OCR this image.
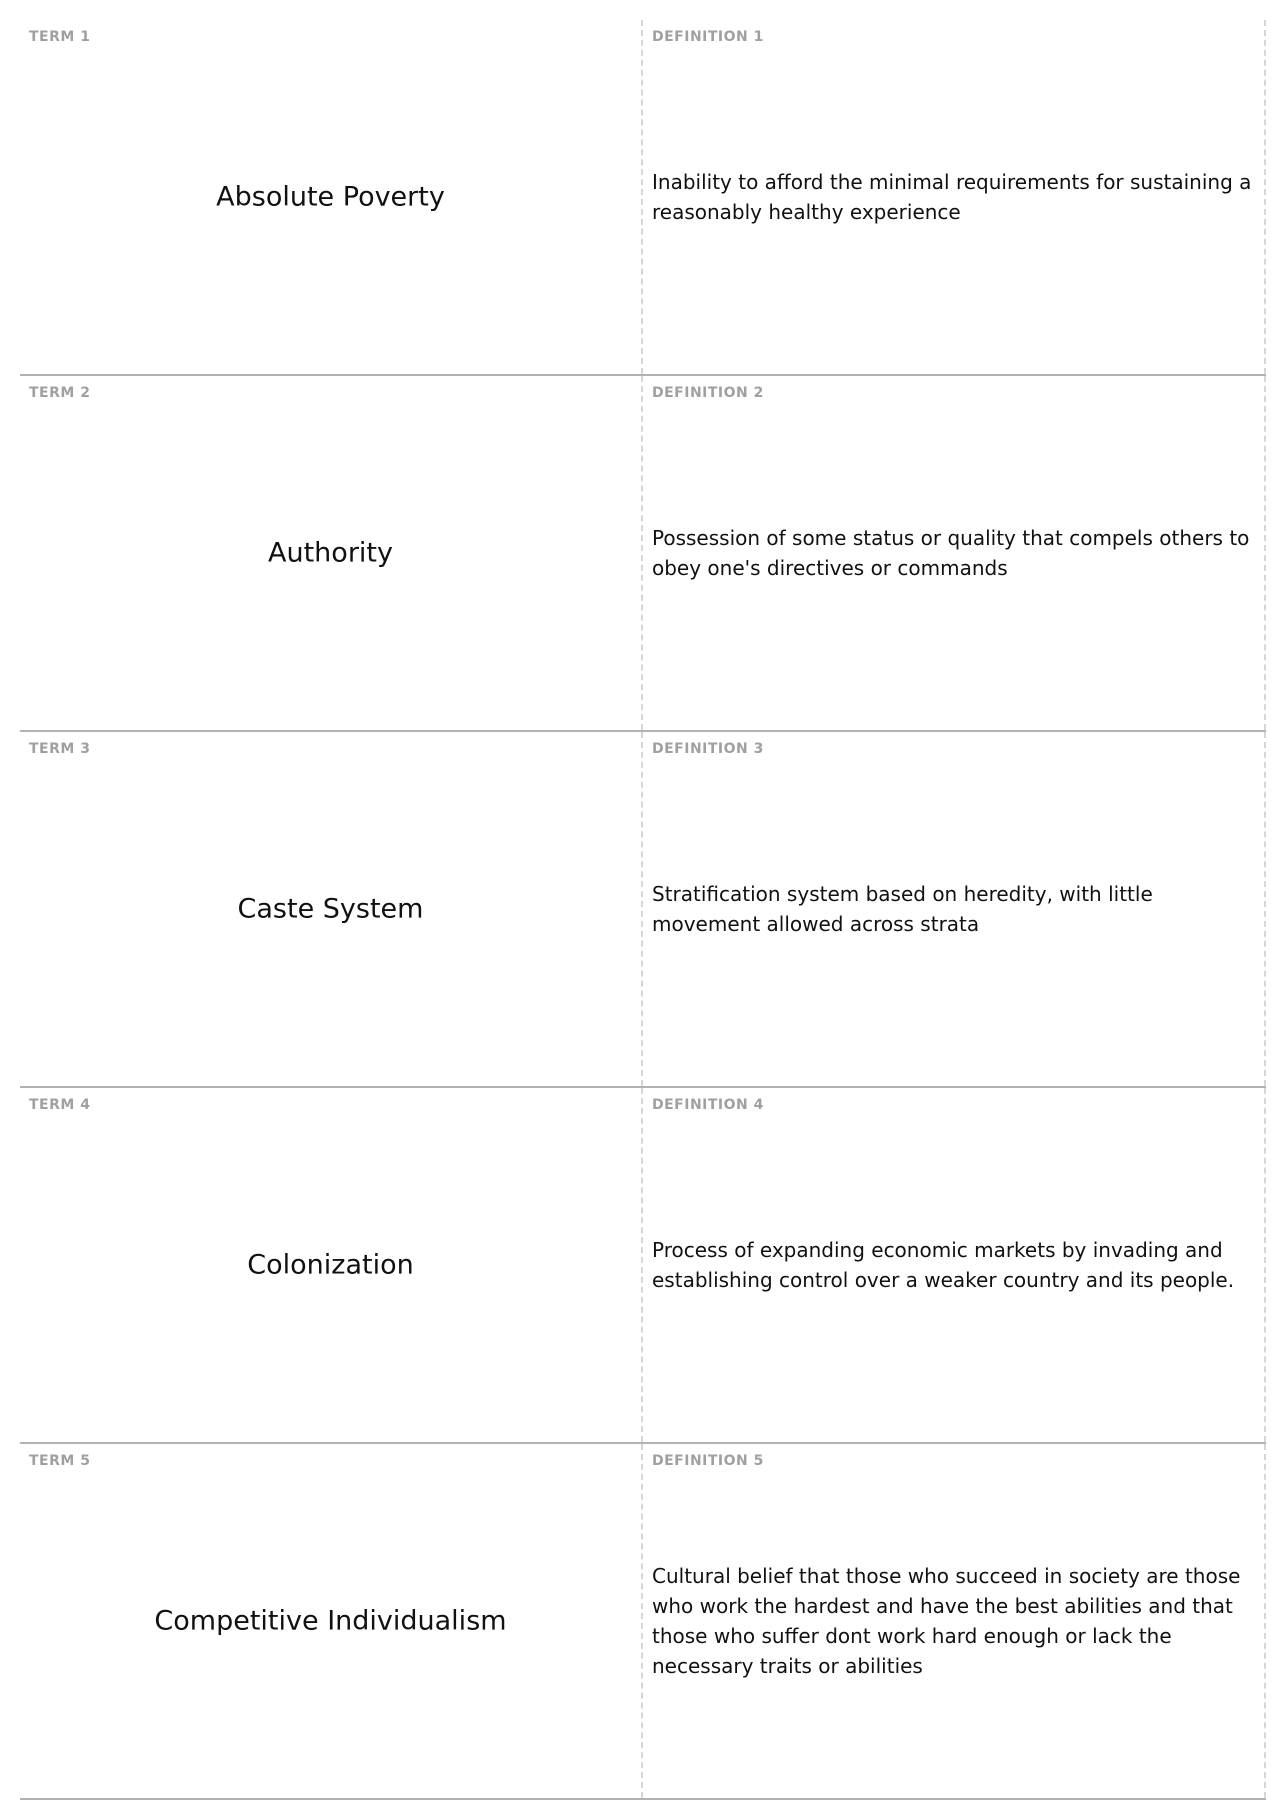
TERM 1
Absolute Poverty
DEFINITION 1
Inability to afford the minimal requirements for sustaining a reasonably healthy experience
TERM 2
Authority
DEFINITION 2
Possession of some status or quality that compels others to obey one's directives or commands
TERM 3
Caste System
DEFINITION 3
Stratification system based on heredity, with little movement allowed across strata
TERM 4
Colonization
DEFINITION 4
Process of expanding economic markets by invading and establishing control over a weaker country and its people.
TERM 5
Competitive Individualism
DEFINITION 5
Cultural belief that those who succeed in society are those who work the hardest and have the best abilities and that those who suffer dont work hard enough or lack the necessary traits or abilities
